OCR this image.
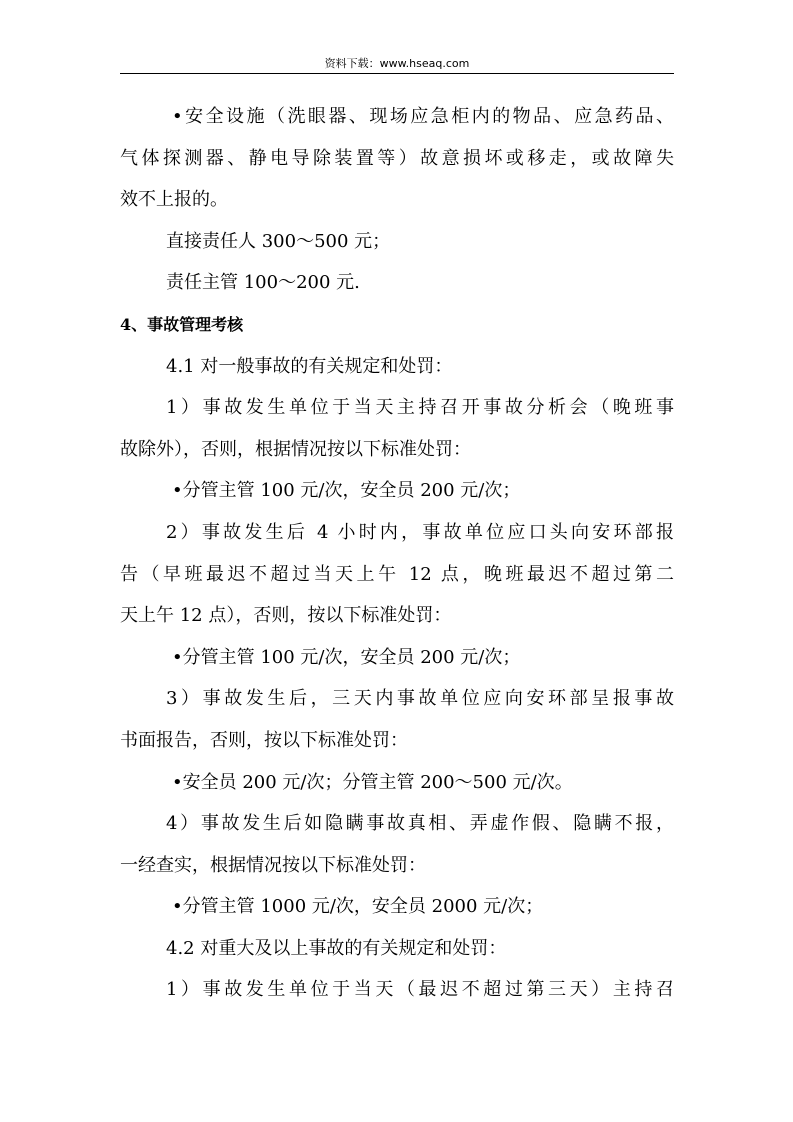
资料下载：www.hseaq.com
•安全设施（洗眼器、现场应急柜内的物品、应急药品、
气体探测器、静电导除装置等）故意损坏或移走，或故障失
效不上报的。
直接责任人 300～500 元；
责任主管 100～200 元.
4、事故管理考核
4.1 对一般事故的有关规定和处罚：
1）事故发生单位于当天主持召开事故分析会（晚班事
故除外），否则，根据情况按以下标准处罚：
•分管主管 100 元/次，安全员 200 元/次；
2）事故发生后 4 小时内，事故单位应口头向安环部报
告（早班最迟不超过当天上午 12 点，晚班最迟不超过第二
天上午 12 点），否则，按以下标准处罚：
•分管主管 100 元/次，安全员 200 元/次；
3）事故发生后，三天内事故单位应向安环部呈报事故
书面报告，否则，按以下标准处罚：
•安全员 200 元/次；分管主管 200～500 元/次。
4）事故发生后如隐瞒事故真相、弄虚作假、隐瞒不报，
一经查实，根据情况按以下标准处罚：
•分管主管 1000 元/次，安全员 2000 元/次；
4.2 对重大及以上事故的有关规定和处罚：
1）事故发生单位于当天（最迟不超过第三天）主持召
